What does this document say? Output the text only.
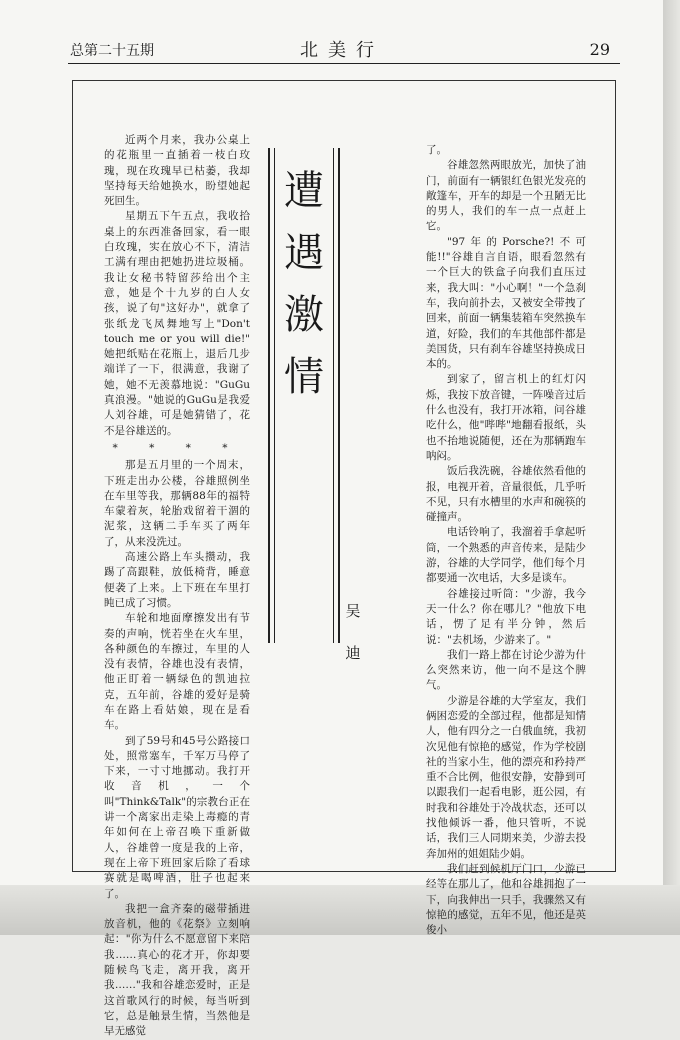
总第二十五期	北美行	29

近两个月来，我办公桌上的花瓶里一直插着一枝白玫瑰，现在玫瑰早已枯萎，我却坚持每天给她换水，盼望她起死回生。

星期五下午五点，我收拾桌上的东西准备回家，看一眼白玫瑰，实在放心不下，清洁工满有理由把她扔进垃圾桶。我让女秘书特留莎给出个主意，她是个十九岁的白人女孩，说了句"这好办"，就拿了张纸龙飞凤舞地写上"Don't touch me or you will die!" 她把纸贴在花瓶上，退后几步端详了一下，很满意，我谢了她，她不无羡慕地说："GuGu真浪漫。"她说的GuGu是我爱人刘谷雄，可是她猜错了，花不是谷雄送的。

* * * *

那是五月里的一个周末，下班走出办公楼，谷雄照例坐在车里等我，那辆88年的福特车蒙着灰，轮胎戏留着干涸的泥浆，这辆二手车买了两年了，从来没洗过。

高速公路上车头攒动，我踢了高跟鞋，放低椅背，睡意便袭了上来。上下班在车里打盹已成了习惯。

车轮和地面摩擦发出有节奏的声响，恍若坐在火车里，各种颜色的车擦过，车里的人没有表情，谷雄也没有表情，他正盯着一辆绿色的凯迪拉克，五年前，谷雄的爱好是骑车在路上看姑娘，现在是看车。

到了59号和45号公路接口处，照常塞车，千军万马停了下来，一寸寸地挪动。我打开收音机，一个叫"Think&Talk"的宗教台正在讲一个离家出走染上毒瘾的青年如何在上帝召唤下重新做人，谷雄曾一度是我的上帝，现在上帝下班回家后除了看球赛就是喝啤酒，肚子也起来了。

我把一盒齐秦的磁带插进放音机，他的《花祭》立刻响起："你为什么不愿意留下来陪我……真心的花才开，你却要随候鸟飞走，离开我，离开我……"我和谷雄恋爱时，正是这首歌风行的时候，每当听到它，总是触景生情，当然他是早无感觉

遭
遇
激
情
吴
迪

了。

谷雄忽然两眼放光，加快了油门，前面有一辆银红色银光发亮的敞篷车，开车的却是一个丑陋无比的男人，我们的车一点一点赶上它。

"97年的Porsche?!不可能!!"谷雄自言自语，眼看忽然有一个巨大的铁盒子向我们直压过来，我大叫："小心啊！"一个急刹车，我向前扑去，又被安全带拽了回来，前面一辆集装箱车突然换车道，好险，我们的车其他部件都是美国货，只有刹车谷雄坚持换成日本的。

到家了，留言机上的红灯闪烁，我按下放音键，一阵噪音过后什么也没有，我打开冰箱，问谷雄吃什么，他"哔哔"地翻看报纸，头也不抬地说随便，还在为那辆跑车呐闷。

饭后我洗碗，谷雄依然看他的报，电视开着，音量很低，几乎听不见，只有水槽里的水声和碗筷的碰撞声。

电话铃响了，我溜着手拿起听筒，一个熟悉的声音传来，是陆少游，谷雄的大学同学，他们每个月都要通一次电话，大多是谈车。

谷雄接过听筒："少游，我今天一什么？你在哪儿？"他放下电话，愣了足有半分钟，然后说："去机场，少游来了。"

我们一路上都在讨论少游为什么突然来访，他一向不是这个脾气。

少游是谷雄的大学室友，我们俩困恋爱的全部过程，他都是知情人，他有四分之一白俄血统，我初次见他有惊艳的感觉，作为学校剧社的当家小生，他的漂亮和矜持严重不合比例，他很安静，安静到可以跟我们一起看电影，逛公园，有时我和谷雄处于冷战状态，还可以找他倾诉一番，他只管听，不说话，我们三人同期来美，少游去投奔加州的姐姐陆少娟。

我们赶到候机厅门口，少游已经等在那儿了，他和谷雄拥抱了一下，向我伸出一只手，我骤然又有惊艳的感觉，五年不见，他还是英俊小
